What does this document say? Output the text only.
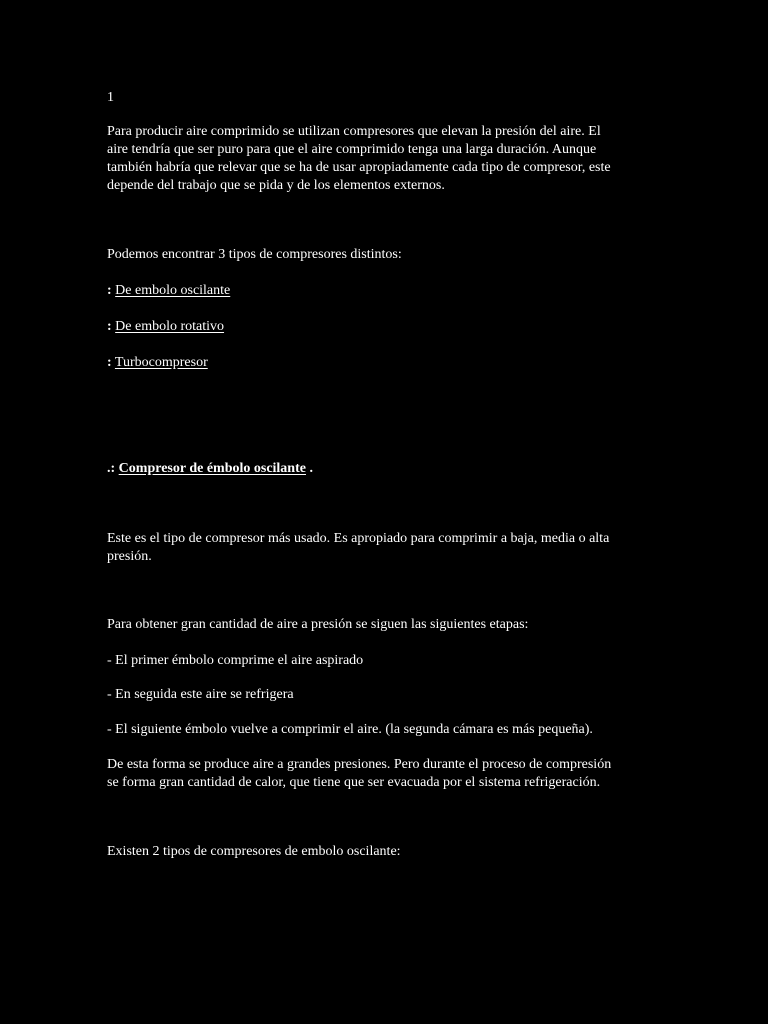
1
Para producir aire comprimido se utilizan compresores que elevan la presión del aire. El
aire tendría que ser puro para que el aire comprimido tenga una larga duración. Aunque
también habría que relevar que se ha de usar apropiadamente cada tipo de compresor, este
depende del trabajo que se pida y de los elementos externos.
Podemos encontrar 3 tipos de compresores distintos:
: De embolo oscilante
: De embolo rotativo
: Turbocompresor
.: Compresor de émbolo oscilante .
Este es el tipo de compresor más usado. Es apropiado para comprimir a baja, media o alta
presión.
Para obtener gran cantidad de aire a presión se siguen las siguientes etapas:
- El primer émbolo comprime el aire aspirado
- En seguida este aire se refrigera
- El siguiente émbolo vuelve a comprimir el aire. (la segunda cámara es más pequeña).
De esta forma se produce aire a grandes presiones. Pero durante el proceso de compresión
se forma gran cantidad de calor, que tiene que ser evacuada por el sistema refrigeración.
Existen 2 tipos de compresores de embolo oscilante:
